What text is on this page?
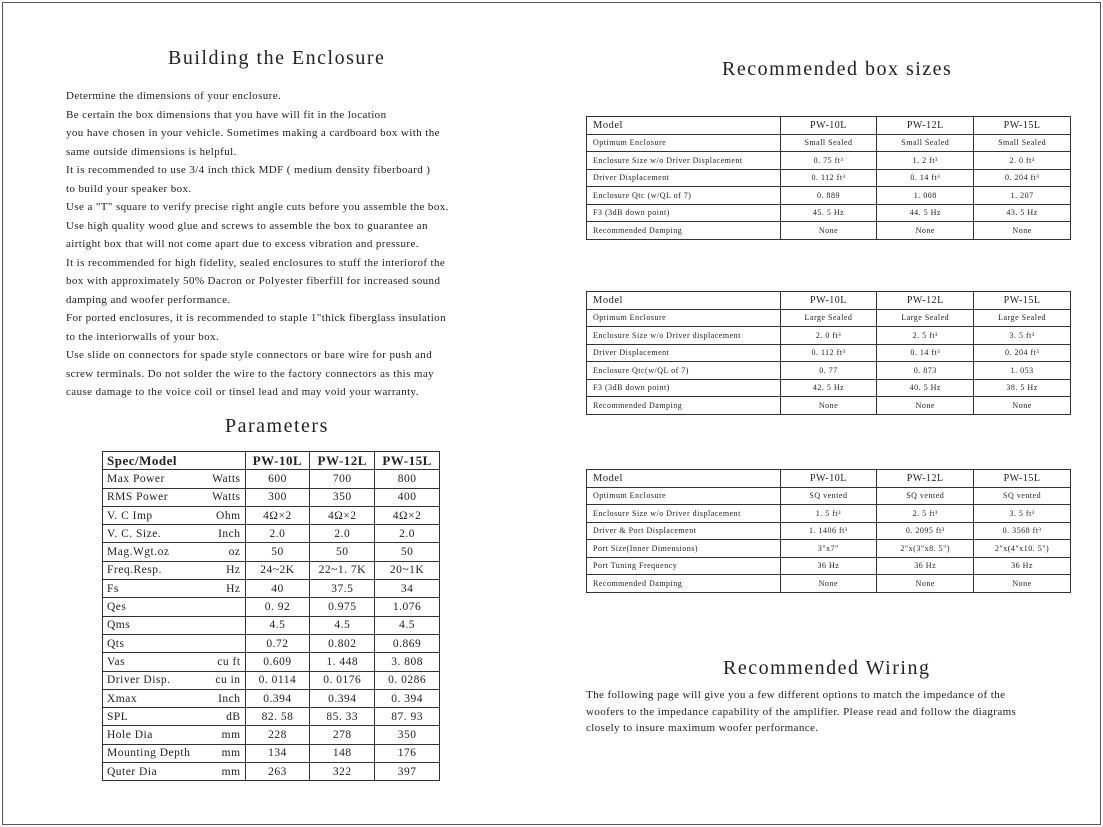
Building the Enclosure
Determine the dimensions of your enclosure.
Be certain the box dimensions that you have will fit in the location
you have chosen in your vehicle. Sometimes making a cardboard box with the
same outside dimensions is helpful.
It is recommended to use 3/4 inch thick MDF ( medium density fiberboard )
to build your speaker box.
Use a "T" square to verify precise right angle cuts before you assemble the box.
Use high quality wood glue and screws to assemble the box to guarantee an
airtight box that will not come apart due to excess vibration and pressure.
It is recommended for high fidelity, sealed enclosures to stuff the interiorof the
box with approximately 50% Dacron or Polyester fiberfill for increased sound
damping and woofer performance.
For ported enclosures, it is recommended to staple 1"thick fiberglass insulation
to the interiorwalls of your box.
Use slide on connectors for spade style connectors or bare wire for push and
screw terminals. Do not solder the wire to the factory connectors as this may
cause damage to the voice coil or tinsel lead and may void your warranty.
Parameters
Spec/Model	PW-10L	PW-12L	PW-15L

Max Power Watts	600	700	800

RMS Power Watts	300	350	400

V. C Imp Ohm	4Ω×2	4Ω×2	4Ω×2

V. C. Size. Inch	2.0	2.0	2.0

Mag.Wgt.oz oz	50	50	50

Freq.Resp. Hz	24~2K	22~1. 7K	20~1K

Fs Hz	40	37.5	34

Qes	0. 92	0.975	1.076

Qms	4.5	4.5	4.5

Qts	0.72	0.802	0.869

Vas cu ft	0.609	1. 448	3. 808

Driver Disp. cu in	0. 0114	0. 0176	0. 0286

Xmax Inch	0.394	0.394	0. 394

SPL dB	82. 58	85. 33	87. 93

Hole Dia mm	228	278	350

Mounting Depth mm	134	148	176

Quter Dia mm	263	322	397
Recommended box sizes
Model	PW-10L	PW-12L	PW-15L
Optimum Enclosure	Small Sealed	Small Sealed	Small Sealed
Enclosure Size w/o Driver Displacement	0. 75 ft³	1. 2 ft³	2. 0 ft³
Driver Displacement	0. 112 ft³	0. 14 ft³	0. 204 ft³
Enclosure Qtc (w/QL of 7)	0. 889	1. 008	1. 207
F3 (3dB down point)	45. 5 Hz	44. 5 Hz	43. 5 Hz
Recommended Damping	None	None	None
Model	PW-10L	PW-12L	PW-15L
Optimum Enclosure	Large Sealed	Large Sealed	Large Sealed
Enclosure Size w/o Driver displacement	2. 0 ft³	2. 5 ft³	3. 5 ft³
Driver Displacement	0. 112 ft³	0. 14 ft³	0. 204 ft³
Enclosure Qtc(w/QL of 7)	0. 77	0. 873	1. 053
F3 (3dB down point)	42. 5 Hz	40. 5 Hz	38. 5 Hz
Recommended Damping	None	None	None
Model	PW-10L	PW-12L	PW-15L
Optimum Enclosure	SQ vented	SQ vented	SQ vented
Enclosure Size w/o Driver displacement	1. 5 ft³	2. 5 ft³	3. 5 ft³
Driver & Port Displacement	1. 1406 ft³	0. 2095 ft³	0. 3568 ft³
Port Size(Inner Dimensions)	3"x7"	2"x(3"x8. 5")	2"x(4"x10. 5")
Port Tuning Frequency	36 Hz	36 Hz	36 Hz
Recommended Damping	None	None	None
Recommended Wiring
The following page will give you a few different options to match the impedance of the
woofers to the impedance capability of the amplifier. Please read and follow the diagrams
closely to insure maximum woofer performance.
